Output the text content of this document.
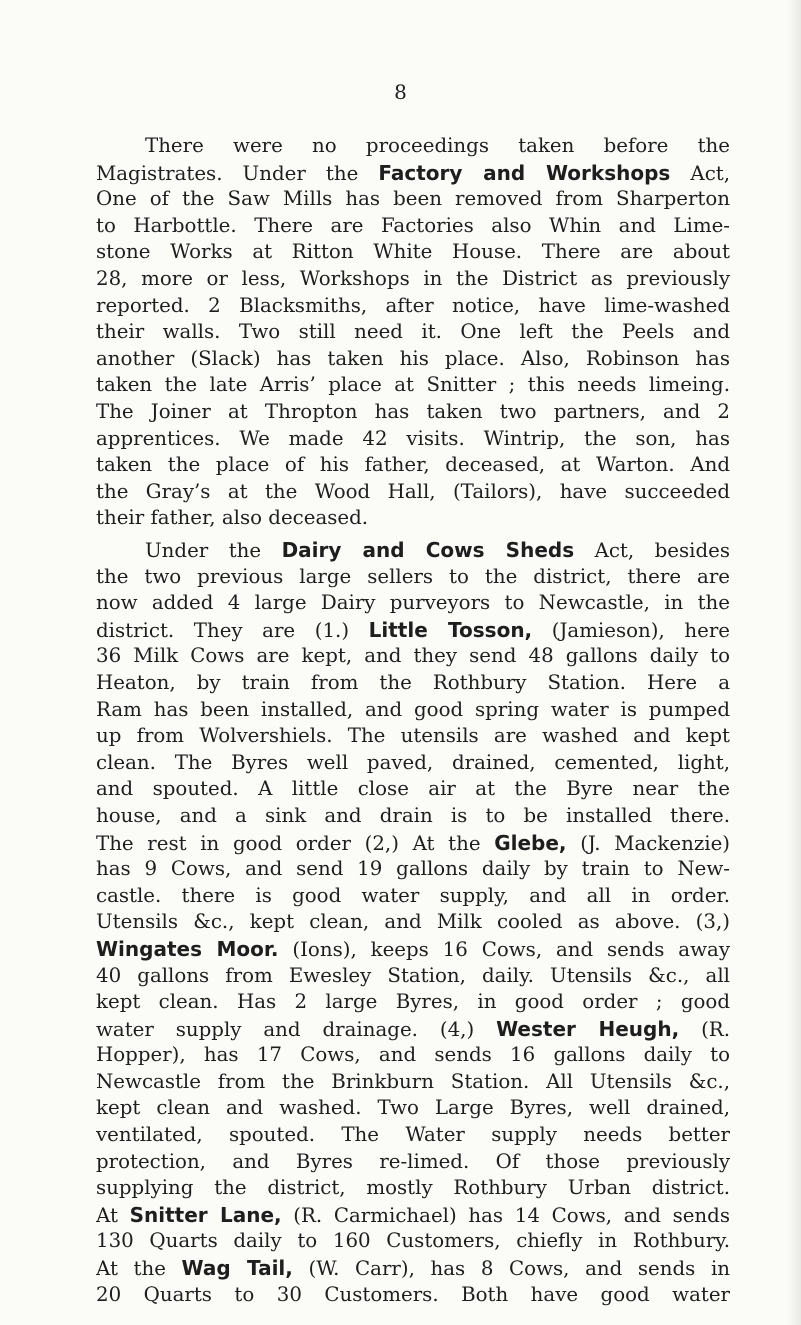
8
There were no proceedings taken before the
Magistrates. Under the Factory and Workshops Act,
One of the Saw Mills has been removed from Sharperton
to Harbottle. There are Factories also Whin and Lime-
stone Works at Ritton White House. There are about
28, more or less, Workshops in the District as previously
reported. 2 Blacksmiths, after notice, have lime-washed
their walls. Two still need it. One left the Peels and
another (Slack) has taken his place. Also, Robinson has
taken the late Arris’ place at Snitter ; this needs limeing.
The Joiner at Thropton has taken two partners, and 2
apprentices. We made 42 visits. Wintrip, the son, has
taken the place of his father, deceased, at Warton. And
the Gray’s at the Wood Hall, (Tailors), have succeeded
their father, also deceased.
Under the Dairy and Cows Sheds Act, besides
the two previous large sellers to the district, there are
now added 4 large Dairy purveyors to Newcastle, in the
district. They are (1.) Little Tosson, (Jamieson), here
36 Milk Cows are kept, and they send 48 gallons daily to
Heaton, by train from the Rothbury Station. Here a
Ram has been installed, and good spring water is pumped
up from Wolvershiels. The utensils are washed and kept
clean. The Byres well paved, drained, cemented, light,
and spouted. A little close air at the Byre near the
house, and a sink and drain is to be installed there.
The rest in good order (2,) At the Glebe, (J. Mackenzie)
has 9 Cows, and send 19 gallons daily by train to New-
castle. there is good water supply, and all in order.
Utensils &c., kept clean, and Milk cooled as above. (3,)
Wingates Moor. (Ions), keeps 16 Cows, and sends away
40 gallons from Ewesley Station, daily. Utensils &c., all
kept clean. Has 2 large Byres, in good order ; good
water supply and drainage. (4,) Wester Heugh, (R.
Hopper), has 17 Cows, and sends 16 gallons daily to
Newcastle from the Brinkburn Station. All Utensils &c.,
kept clean and washed. Two Large Byres, well drained,
ventilated, spouted. The Water supply needs better
protection, and Byres re-limed. Of those previously
supplying the district, mostly Rothbury Urban district.
At Snitter Lane, (R. Carmichael) has 14 Cows, and sends
130 Quarts daily to 160 Customers, chiefly in Rothbury.
At the Wag Tail, (W. Carr), has 8 Cows, and sends in
20 Quarts to 30 Customers. Both have good water
